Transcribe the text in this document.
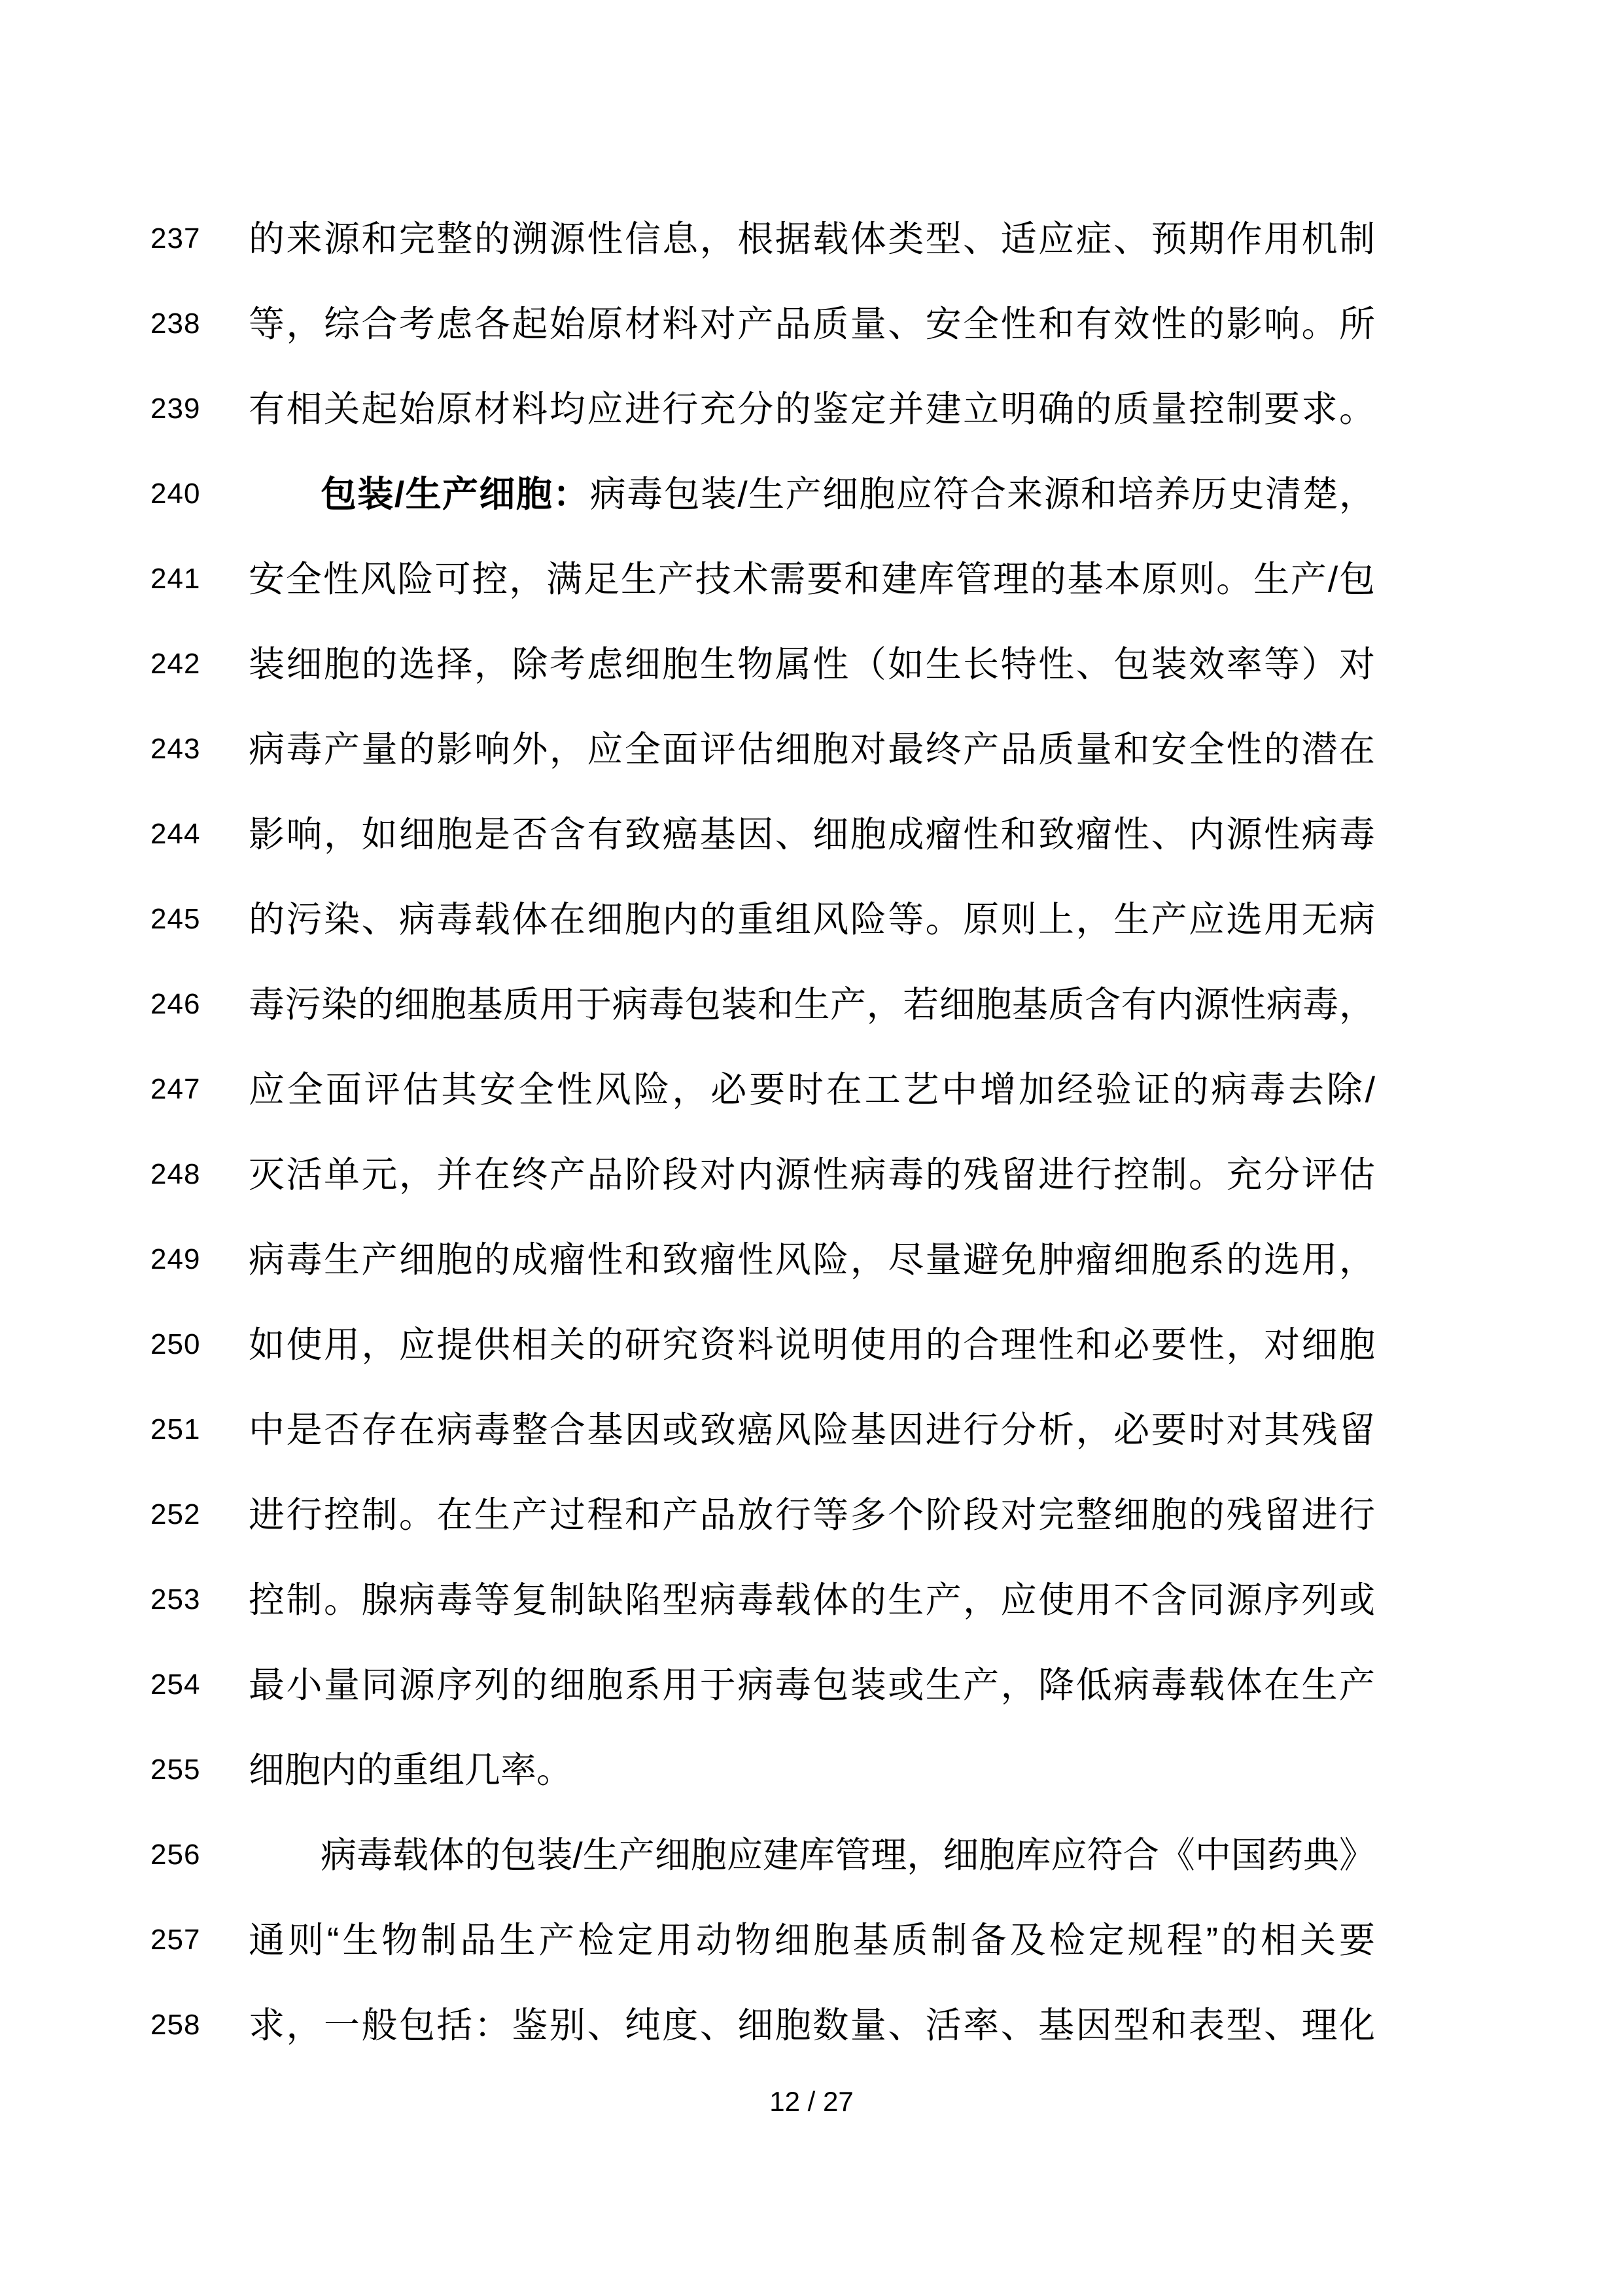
237	的来源和完整的溯源性信息，根据载体类型、适应症、预期作用机制
238	等，综合考虑各起始原材料对产品质量、安全性和有效性的影响。所
239	有相关起始原材料均应进行充分的鉴定并建立明确的质量控制要求。
240	包装/生产细胞：病毒包装/生产细胞应符合来源和培养历史清楚，
241	安全性风险可控，满足生产技术需要和建库管理的基本原则。生产/包
242	装细胞的选择，除考虑细胞生物属性（如生长特性、包装效率等）对
243	病毒产量的影响外，应全面评估细胞对最终产品质量和安全性的潜在
244	影响，如细胞是否含有致癌基因、细胞成瘤性和致瘤性、内源性病毒
245	的污染、病毒载体在细胞内的重组风险等。原则上，生产应选用无病
246	毒污染的细胞基质用于病毒包装和生产，若细胞基质含有内源性病毒，
247	应全面评估其安全性风险，必要时在工艺中增加经验证的病毒去除/
248	灭活单元，并在终产品阶段对内源性病毒的残留进行控制。充分评估
249	病毒生产细胞的成瘤性和致瘤性风险，尽量避免肿瘤细胞系的选用，
250	如使用，应提供相关的研究资料说明使用的合理性和必要性，对细胞
251	中是否存在病毒整合基因或致癌风险基因进行分析，必要时对其残留
252	进行控制。在生产过程和产品放行等多个阶段对完整细胞的残留进行
253	控制。腺病毒等复制缺陷型病毒载体的生产，应使用不含同源序列或
254	最小量同源序列的细胞系用于病毒包装或生产，降低病毒载体在生产
255	细胞内的重组几率。
256	病毒载体的包装/生产细胞应建库管理，细胞库应符合《中国药典》
257	通则“生物制品生产检定用动物细胞基质制备及检定规程”的相关要
258	求，一般包括：鉴别、纯度、细胞数量、活率、基因型和表型、理化
12 / 27
